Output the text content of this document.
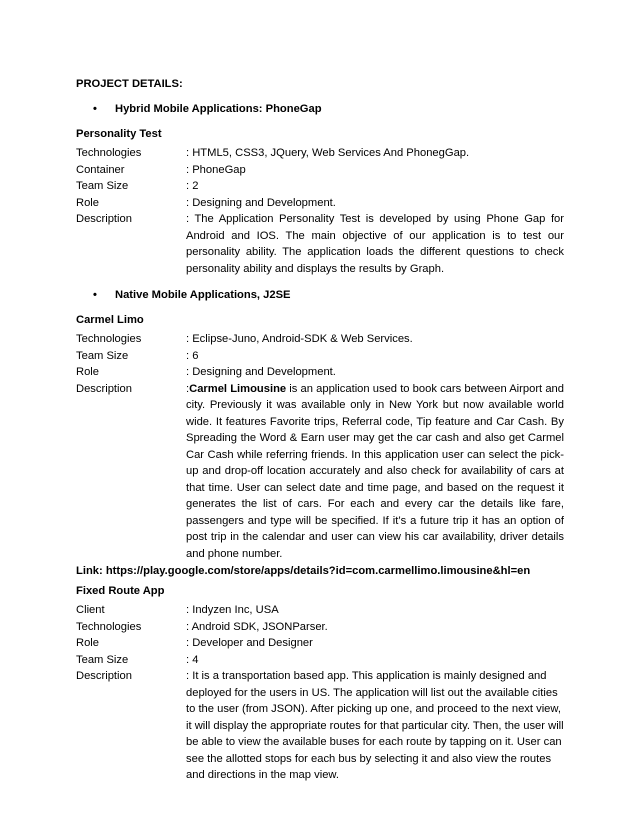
PROJECT DETAILS:
• Hybrid Mobile Applications: PhoneGap
Personality Test
Technologies	: HTML5, CSS3, JQuery, Web Services And PhonegGap.
Container	: PhoneGap
Team Size	: 2
Role	: Designing and Development.
Description	: The Application Personality Test is developed by using Phone Gap for Android and IOS. The main objective of our application is to test our personality ability. The application loads the different questions to check personality ability and displays the results by Graph.
• Native Mobile Applications, J2SE
Carmel Limo
Technologies	: Eclipse-Juno, Android-SDK & Web Services.
Team Size	: 6
Role	: Designing and Development.
Description	:Carmel Limousine is an application used to book cars between Airport and city. Previously it was available only in New York but now available world wide. It features Favorite trips, Referral code, Tip feature and Car Cash. By Spreading the Word & Earn user may get the car cash and also get Carmel Car Cash while referring friends. In this application user can select the pick-up and drop-off location accurately and also check for availability of cars at that time. User can select date and time page, and based on the request it generates the list of cars. For each and every car the details like fare, passengers and type will be specified. If it’s a future trip it has an option of post trip in the calendar and user can view his car availability, driver details and phone number.
Link: https://play.google.com/store/apps/details?id=com.carmellimo.limousine&hl=en
Fixed Route App
Client	: Indyzen Inc, USA
Technologies	: Android SDK, JSONParser.
Role	: Developer and Designer
Team Size	: 4
Description	: It is a transportation based app. This application is mainly designed and deployed for the users in US. The application will list out the available cities to the user (from JSON). After picking up one, and proceed to the next view, it will display the appropriate routes for that particular city. Then, the user will be able to view the available buses for each route by tapping on it. User can see the allotted stops for each bus by selecting it and also view the routes and directions in the map view.
